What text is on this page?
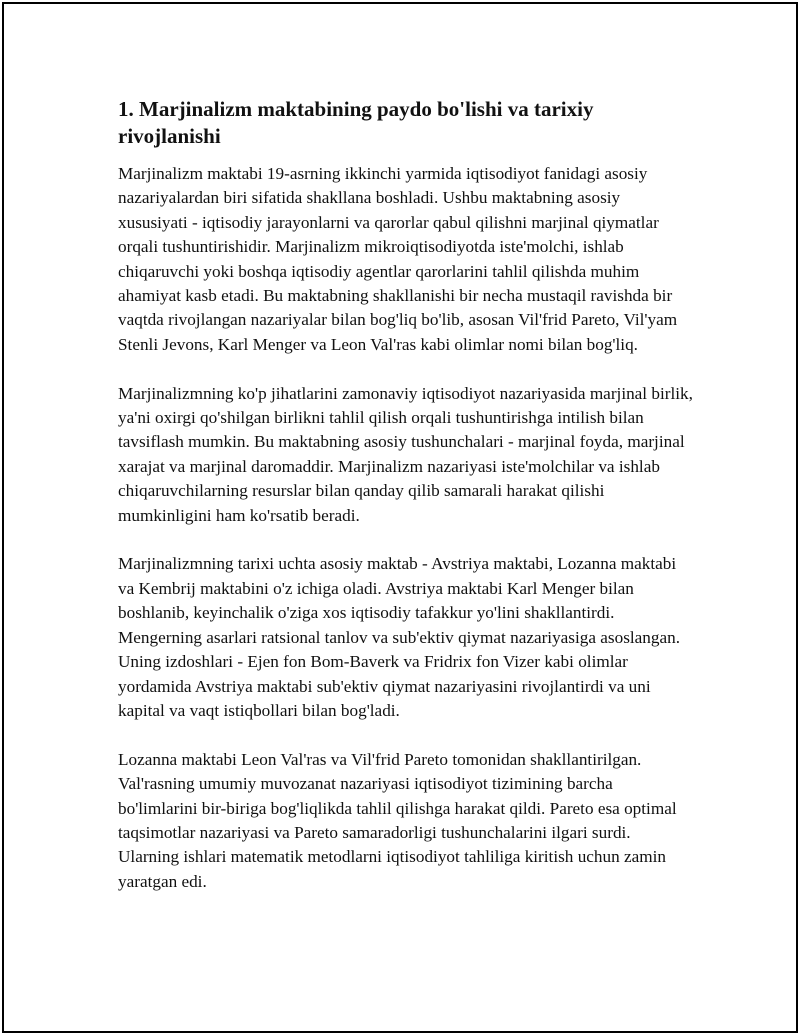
1. Marjinalizm maktabining paydo bo'lishi va tarixiy rivojlanishi

Marjinalizm maktabi 19-asrning ikkinchi yarmida iqtisodiyot fanidagi asosiy nazariyalardan biri sifatida shakllana boshladi. Ushbu maktabning asosiy xususiyati - iqtisodiy jarayonlarni va qarorlar qabul qilishni marjinal qiymatlar orqali tushuntirishidir. Marjinalizm mikroiqtisodiyotda iste'molchi, ishlab chiqaruvchi yoki boshqa iqtisodiy agentlar qarorlarini tahlil qilishda muhim ahamiyat kasb etadi. Bu maktabning shakllanishi bir necha mustaqil ravishda bir vaqtda rivojlangan nazariyalar bilan bog'liq bo'lib, asosan Vil'frid Pareto, Vil'yam Stenli Jevons, Karl Menger va Leon Val'ras kabi olimlar nomi bilan bog'liq.

Marjinalizmning ko'p jihatlarini zamonaviy iqtisodiyot nazariyasida marjinal birlik, ya'ni oxirgi qo'shilgan birlikni tahlil qilish orqali tushuntirishga intilish bilan tavsiflash mumkin. Bu maktabning asosiy tushunchalari - marjinal foyda, marjinal xarajat va marjinal daromaddir. Marjinalizm nazariyasi iste'molchilar va ishlab chiqaruvchilarning resurslar bilan qanday qilib samarali harakat qilishi mumkinligini ham ko'rsatib beradi.

Marjinalizmning tarixi uchta asosiy maktab - Avstriya maktabi, Lozanna maktabi va Kembrij maktabini o'z ichiga oladi. Avstriya maktabi Karl Menger bilan boshlanib, keyinchalik o'ziga xos iqtisodiy tafakkur yo'lini shakllantirdi. Mengerning asarlari ratsional tanlov va sub'ektiv qiymat nazariyasiga asoslangan. Uning izdoshlari - Ejen fon Bom-Baverk va Fridrix fon Vizer kabi olimlar yordamida Avstriya maktabi sub'ektiv qiymat nazariyasini rivojlantirdi va uni kapital va vaqt istiqbollari bilan bog'ladi.

Lozanna maktabi Leon Val'ras va Vil'frid Pareto tomonidan shakllantirilgan. Val'rasning umumiy muvozanat nazariyasi iqtisodiyot tizimining barcha bo'limlarini bir-biriga bog'liqlikda tahlil qilishga harakat qildi. Pareto esa optimal taqsimotlar nazariyasi va Pareto samaradorligi tushunchalarini ilgari surdi. Ularning ishlari matematik metodlarni iqtisodiyot tahliliga kiritish uchun zamin yaratgan edi.
